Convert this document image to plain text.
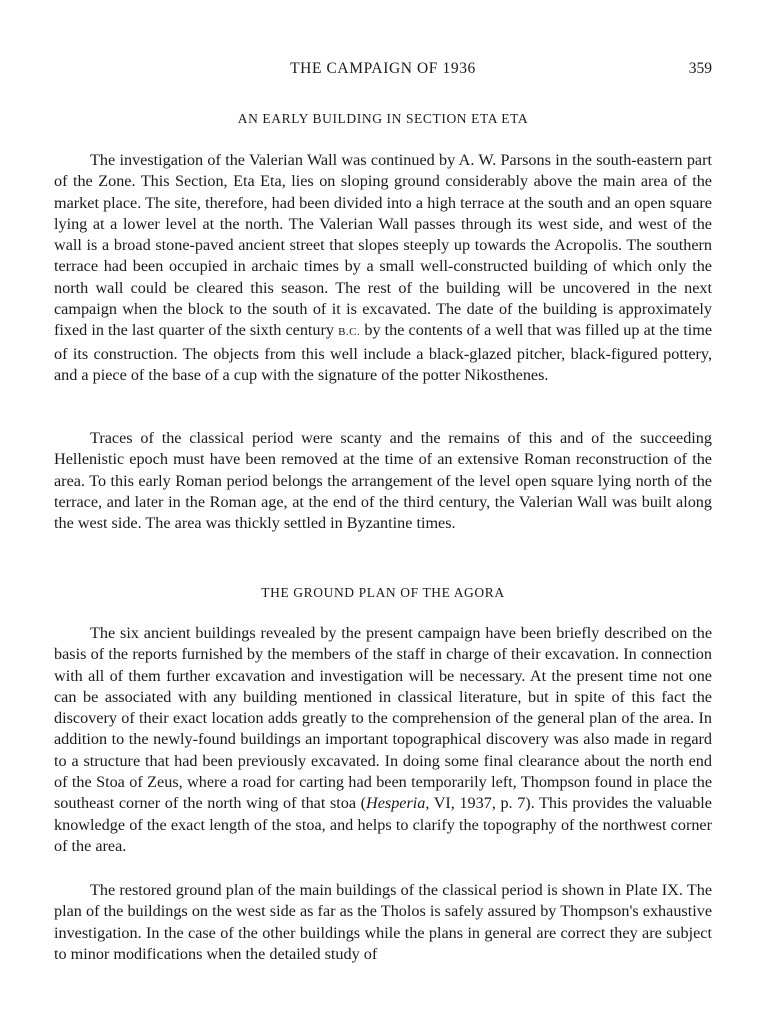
THE CAMPAIGN OF 1936	359
AN EARLY BUILDING IN SECTION ETA ETA

The investigation of the Valerian Wall was continued by A. W. Parsons in the south-eastern part of the Zone. This Section, Eta Eta, lies on sloping ground considerably above the main area of the market place. The site, therefore, had been divided into a high terrace at the south and an open square lying at a lower level at the north. The Valerian Wall passes through its west side, and west of the wall is a broad stone-paved ancient street that slopes steeply up towards the Acropolis. The southern terrace had been occupied in archaic times by a small well-constructed building of which only the north wall could be cleared this season. The rest of the building will be uncovered in the next campaign when the block to the south of it is excavated. The date of the building is approximately fixed in the last quarter of the sixth century B.C. by the contents of a well that was filled up at the time of its construction. The objects from this well include a black-glazed pitcher, black-figured pottery, and a piece of the base of a cup with the signature of the potter Nikosthenes.

Traces of the classical period were scanty and the remains of this and of the succeeding Hellenistic epoch must have been removed at the time of an extensive Roman reconstruction of the area. To this early Roman period belongs the arrangement of the level open square lying north of the terrace, and later in the Roman age, at the end of the third century, the Valerian Wall was built along the west side. The area was thickly settled in Byzantine times.

THE GROUND PLAN OF THE AGORA

The six ancient buildings revealed by the present campaign have been briefly described on the basis of the reports furnished by the members of the staff in charge of their excavation. In connection with all of them further excavation and investigation will be necessary. At the present time not one can be associated with any building mentioned in classical literature, but in spite of this fact the discovery of their exact location adds greatly to the comprehension of the general plan of the area. In addition to the newly-found buildings an important topographical discovery was also made in regard to a structure that had been previously excavated. In doing some final clearance about the north end of the Stoa of Zeus, where a road for carting had been temporarily left, Thompson found in place the southeast corner of the north wing of that stoa (Hesperia, VI, 1937, p. 7). This provides the valuable knowledge of the exact length of the stoa, and helps to clarify the topography of the northwest corner of the area.

The restored ground plan of the main buildings of the classical period is shown in Plate IX. The plan of the buildings on the west side as far as the Tholos is safely assured by Thompson's exhaustive investigation. In the case of the other buildings while the plans in general are correct they are subject to minor modifications when the detailed study of
